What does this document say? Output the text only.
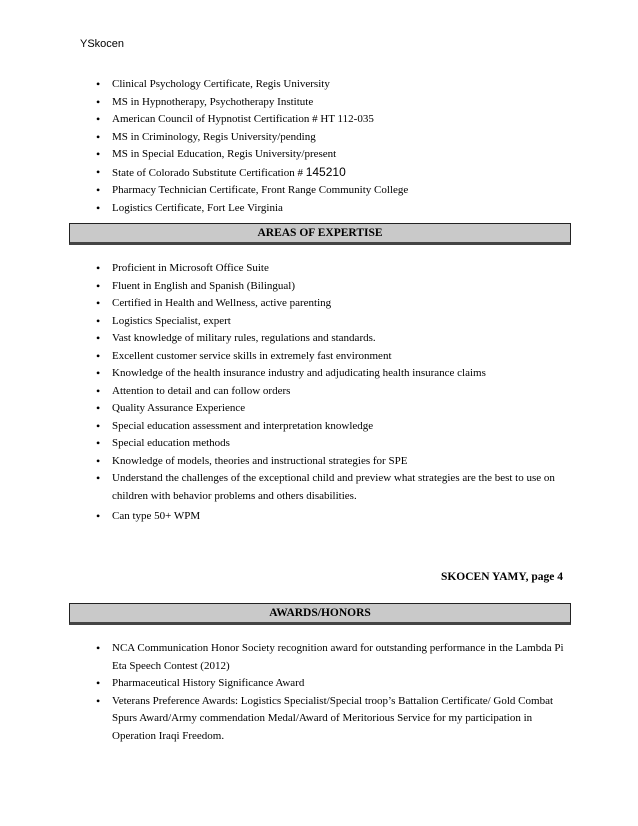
YSkocen
• Clinical Psychology Certificate, Regis University
• MS in Hypnotherapy, Psychotherapy Institute
• American Council of Hypnotist Certification # HT 112-035
• MS in Criminology, Regis University/pending
• MS in Special Education, Regis University/present
• State of Colorado Substitute Certification # 145210
• Pharmacy Technician Certificate, Front Range Community College
• Logistics Certificate, Fort Lee Virginia
AREAS OF EXPERTISE
• Proficient in Microsoft Office Suite
• Fluent in English and Spanish (Bilingual)
• Certified in Health and Wellness, active parenting
• Logistics Specialist, expert
• Vast knowledge of military rules, regulations and standards.
• Excellent customer service skills in extremely fast environment
• Knowledge of the health insurance industry and adjudicating health insurance claims
• Attention to detail and can follow orders
• Quality Assurance Experience
• Special education assessment and interpretation knowledge
• Special education methods
• Knowledge of models, theories and instructional strategies for SPE
• Understand the challenges of the exceptional child and preview what strategies are the best to use on children with behavior problems and others disabilities.
• Can type 50+ WPM
SKOCEN YAMY, page 4
AWARDS/HONORS
• NCA Communication Honor Society recognition award for outstanding performance in the Lambda Pi Eta Speech Contest (2012)
• Pharmaceutical History Significance Award
• Veterans Preference Awards: Logistics Specialist/Special troop’s Battalion Certificate/ Gold Combat Spurs Award/Army commendation Medal/Award of Meritorious Service for my participation in Operation Iraqi Freedom.
